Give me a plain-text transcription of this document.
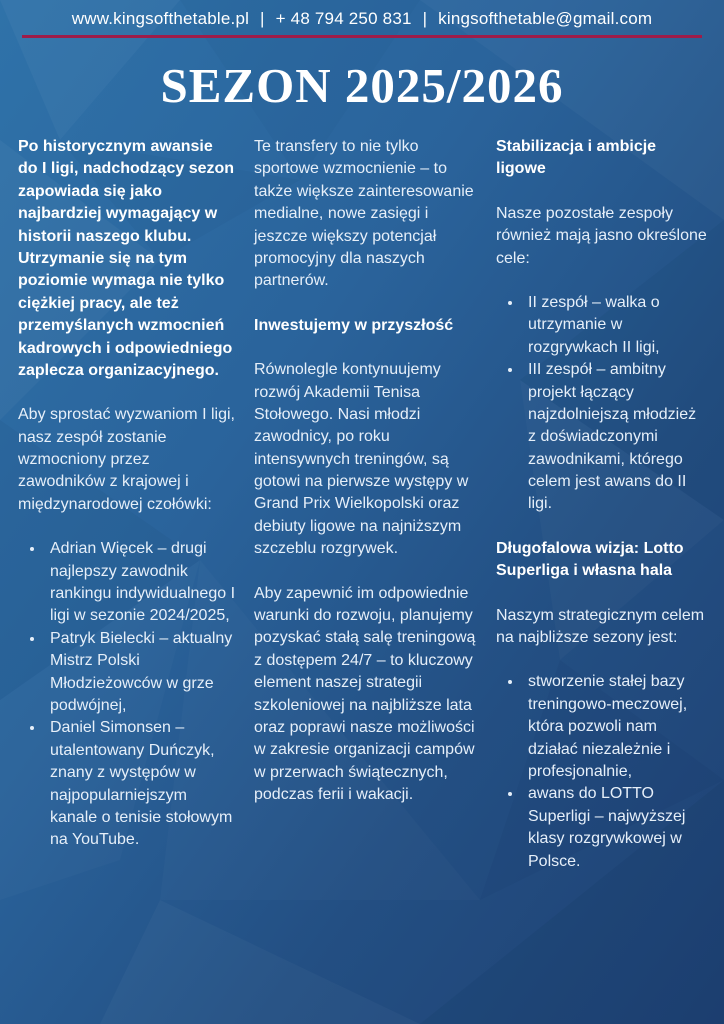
www.kingsofthetable.pl | + 48 794 250 831 | kingsofthetable@gmail.com
SEZON 2025/2026

Po historycznym awansie do I ligi, nadchodzący sezon zapowiada się jako najbardziej wymagający w historii naszego klubu. Utrzymanie się na tym poziomie wymaga nie tylko ciężkiej pracy, ale też przemyślanych wzmocnień kadrowych i odpowiedniego zaplecza organizacyjnego.

Aby sprostać wyzwaniom I ligi, nasz zespół zostanie wzmocniony przez zawodników z krajowej i międzynarodowej czołówki:

• Adrian Więcek – drugi najlepszy zawodnik rankingu indywidualnego I ligi w sezonie 2024/2025,
• Patryk Bielecki – aktualny Mistrz Polski Młodzieżowców w grze podwójnej,
• Daniel Simonsen – utalentowany Duńczyk, znany z występów w najpopularniejszym kanale o tenisie stołowym na YouTube.

Te transfery to nie tylko sportowe wzmocnienie – to także większe zainteresowanie medialne, nowe zasięgi i jeszcze większy potencjał promocyjny dla naszych partnerów.

Inwestujemy w przyszłość

Równolegle kontynuujemy rozwój Akademii Tenisa Stołowego. Nasi młodzi zawodnicy, po roku intensywnych treningów, są gotowi na pierwsze występy w Grand Prix Wielkopolski oraz debiuty ligowe na najniższym szczeblu rozgrywek.

Aby zapewnić im odpowiednie warunki do rozwoju, planujemy pozyskać stałą salę treningową z dostępem 24/7 – to kluczowy element naszej strategii szkoleniowej na najbliższe lata oraz poprawi nasze możliwości w zakresie organizacji campów w przerwach świątecznych, podczas ferii i wakacji.

Stabilizacja i ambicje ligowe

Nasze pozostałe zespoły również mają jasno określone cele:

• II zespół – walka o utrzymanie w rozgrywkach II ligi,
• III zespół – ambitny projekt łączący najzdolniejszą młodzież z doświadczonymi zawodnikami, którego celem jest awans do II ligi.
Długofalowa wizja: Lotto Superliga i własna hala

Naszym strategicznym celem na najbliższe sezony jest:

• stworzenie stałej bazy treningowo-meczowej, która pozwoli nam działać niezależnie i profesjonalnie,
• awans do LOTTO Superligi – najwyższej klasy rozgrywkowej w Polsce.
